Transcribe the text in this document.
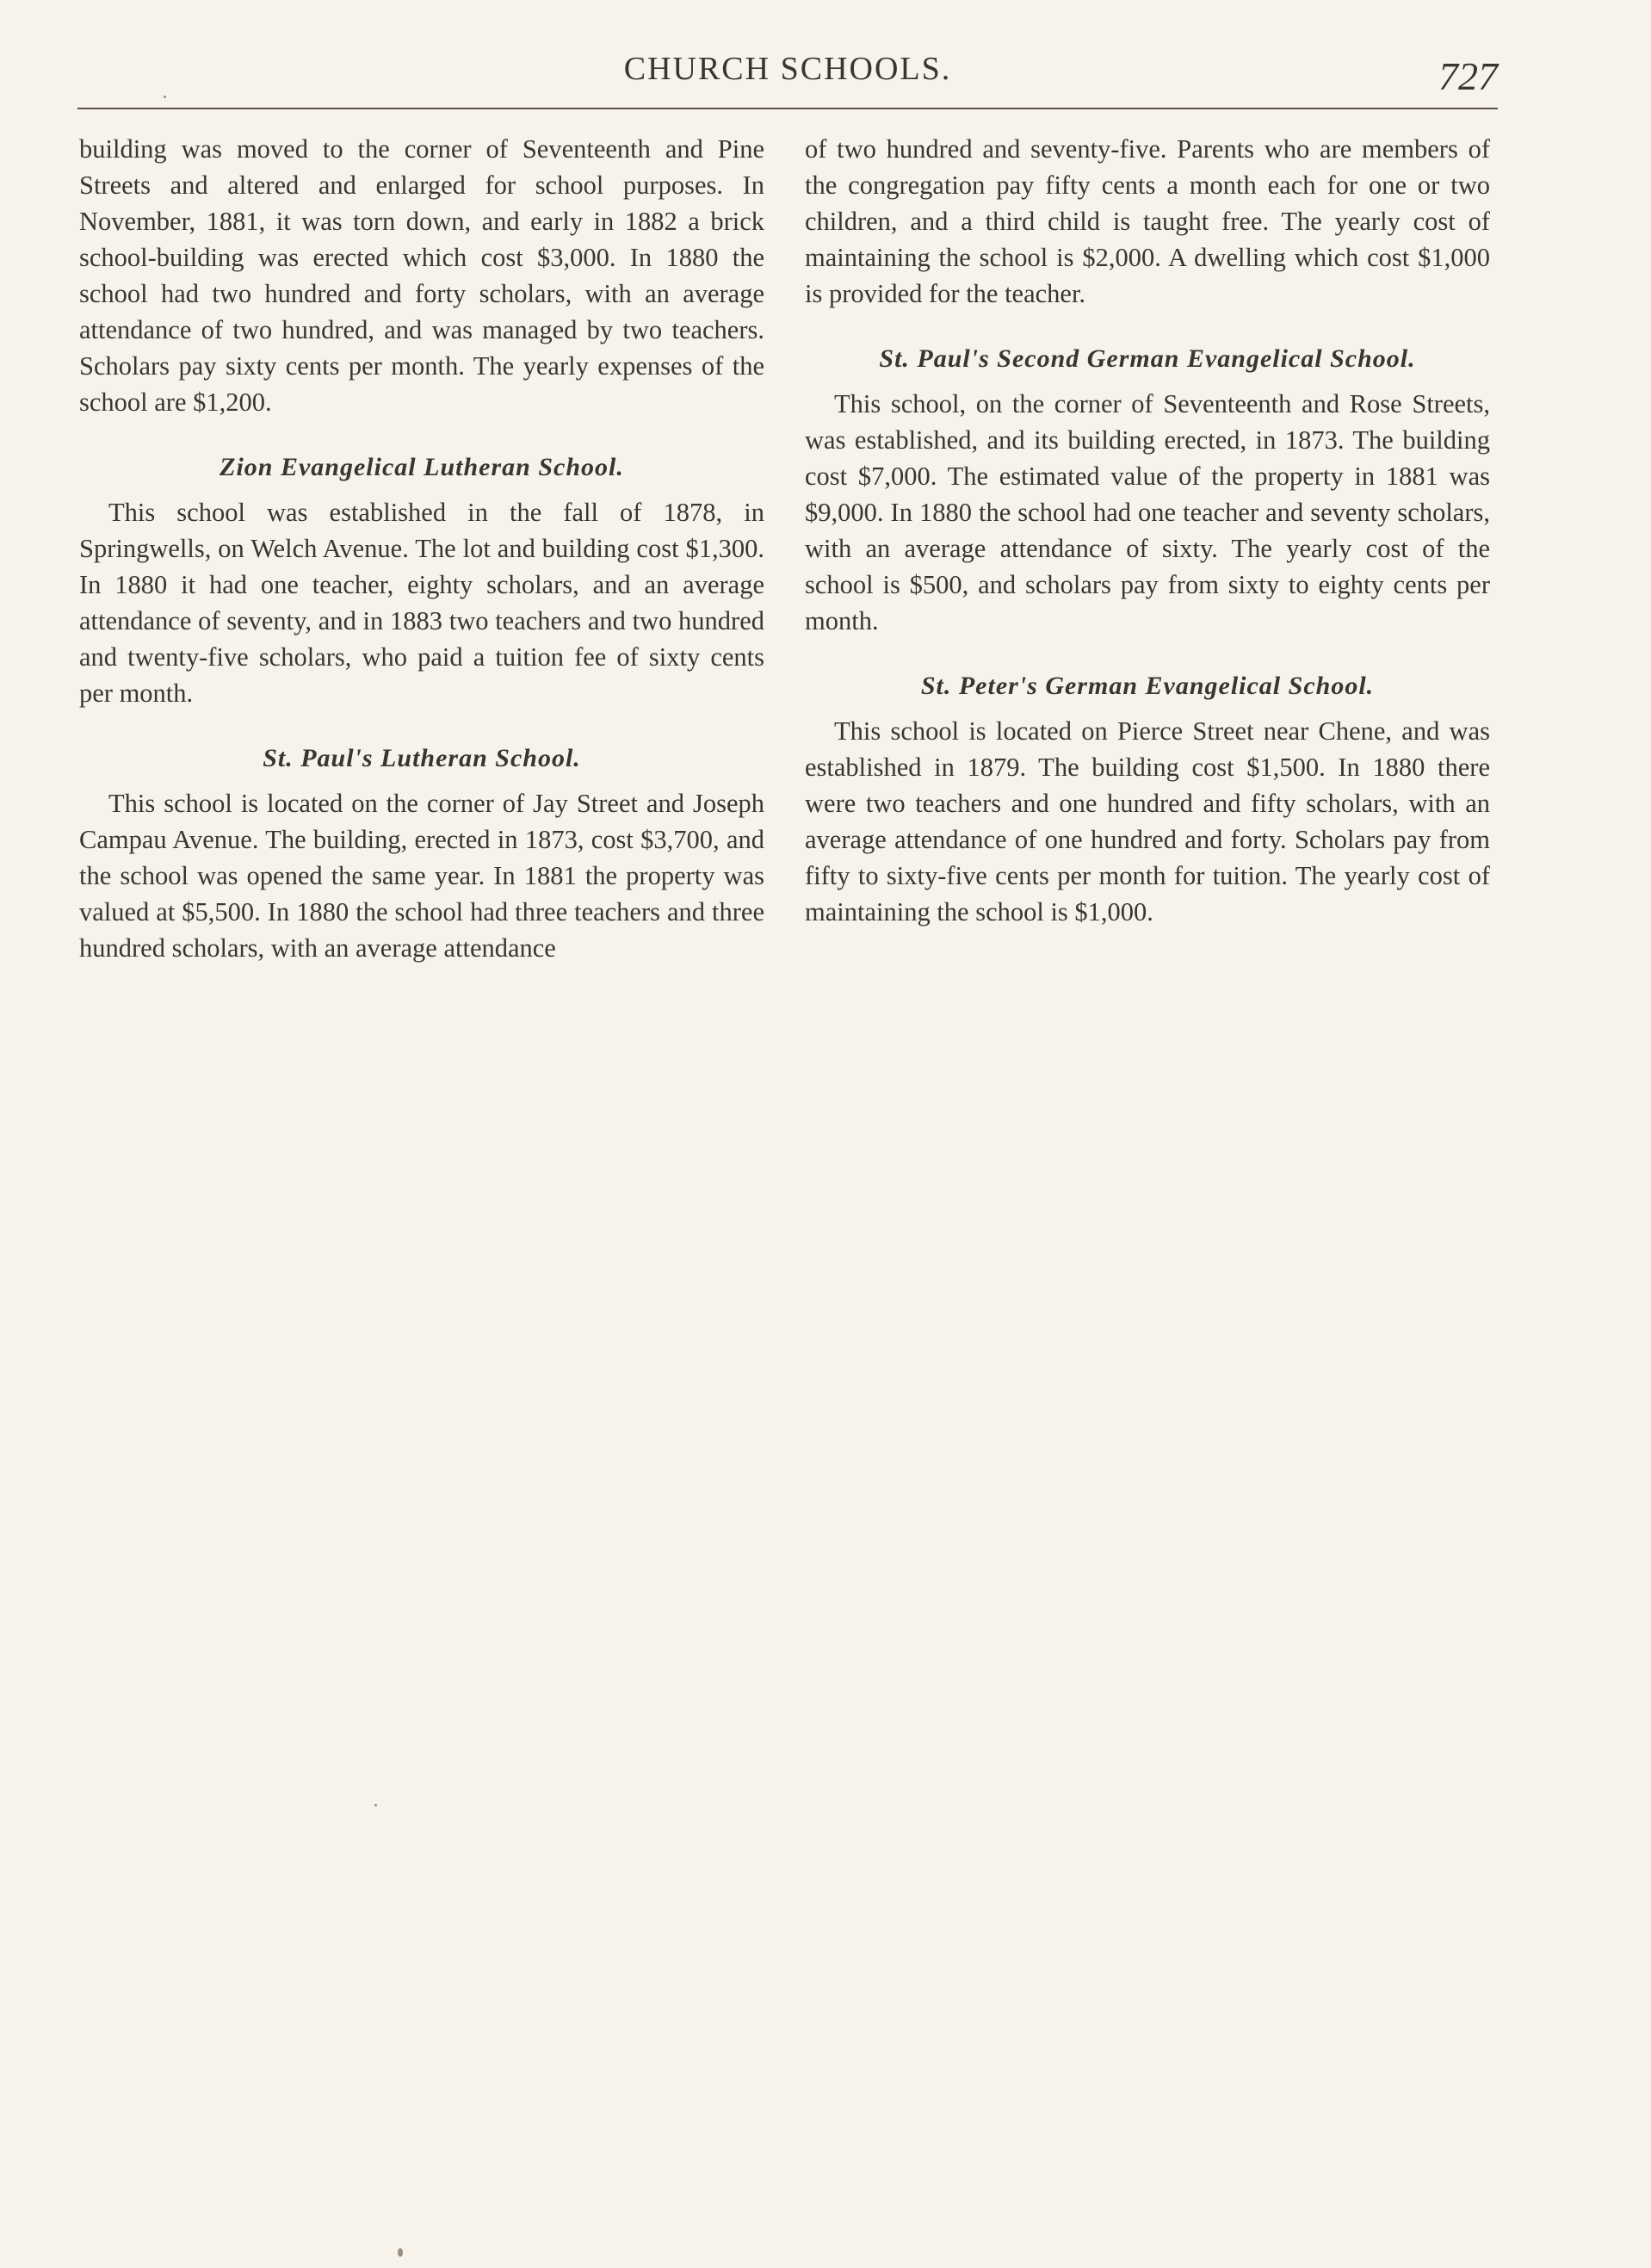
CHURCH SCHOOLS.	727

building was moved to the corner of Seventeenth and Pine Streets and altered and enlarged for school purposes. In November, 1881, it was torn down, and early in 1882 a brick school-building was erected which cost $3,000. In 1880 the school had two hundred and forty scholars, with an average attendance of two hundred, and was managed by two teachers. Scholars pay sixty cents per month. The yearly expenses of the school are $1,200.

Zion Evangelical Lutheran School.

This school was established in the fall of 1878, in Springwells, on Welch Avenue. The lot and building cost $1,300. In 1880 it had one teacher, eighty scholars, and an average attendance of seventy, and in 1883 two teachers and two hundred and twenty-five scholars, who paid a tuition fee of sixty cents per month.

St. Paul's Lutheran School.

This school is located on the corner of Jay Street and Joseph Campau Avenue. The building, erected in 1873, cost $3,700, and the school was opened the same year. In 1881 the property was valued at $5,500. In 1880 the school had three teachers and three hundred scholars, with an average attendance

of two hundred and seventy-five. Parents who are members of the congregation pay fifty cents a month each for one or two children, and a third child is taught free. The yearly cost of maintaining the school is $2,000. A dwelling which cost $1,000 is provided for the teacher.

St. Paul's Second German Evangelical School.

This school, on the corner of Seventeenth and Rose Streets, was established, and its building erected, in 1873. The building cost $7,000. The estimated value of the property in 1881 was $9,000. In 1880 the school had one teacher and seventy scholars, with an average attendance of sixty. The yearly cost of the school is $500, and scholars pay from sixty to eighty cents per month.

St. Peter's German Evangelical School.

This school is located on Pierce Street near Chene, and was established in 1879. The building cost $1,500. In 1880 there were two teachers and one hundred and fifty scholars, with an average attendance of one hundred and forty. Scholars pay from fifty to sixty-five cents per month for tuition. The yearly cost of maintaining the school is $1,000.
